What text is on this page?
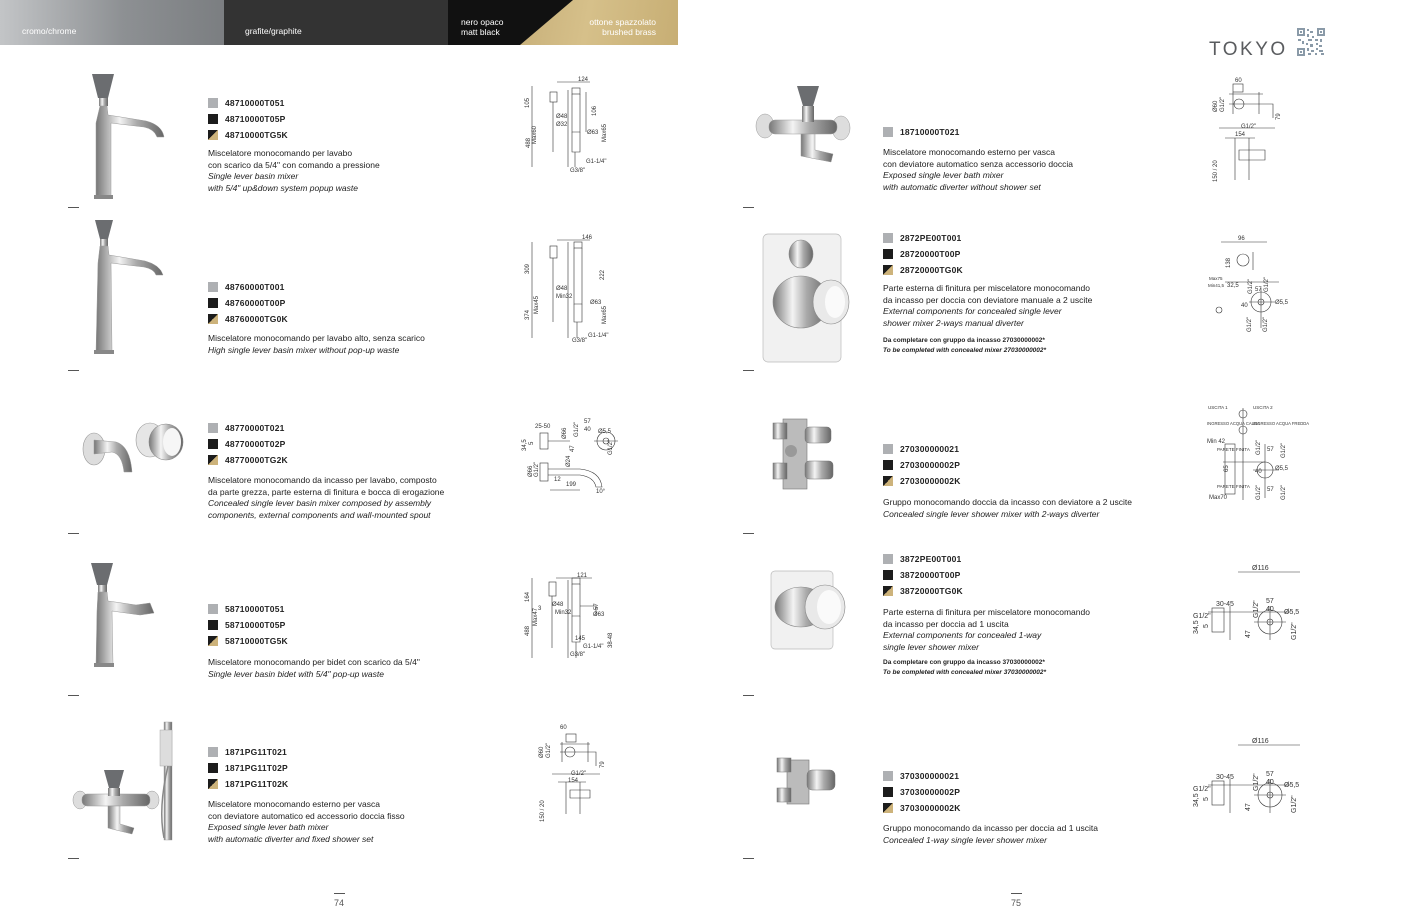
cromo/chrome	grafite/graphite
nero opaco
matt black
ottone spazzolato
brushed brass
TOKYO
48710000T051
48710000T05P
48710000TG5K
Miscelatore monocomando per lavabo
con scarico da 5/4" con comando a pressione
Single lever basin mixer
with 5/4" up&down system popup waste
124
105
Ø48
Ø32
106
Max60
488
Ø63 Max65
G1-1/4"
G3/8"
48760000T001
48760000T00P
48760000TG0K
Miscelatore monocomando per lavabo alto, senza scarico
High single lever basin mixer without pop-up waste
146
309
222
Ø48
Min32
Max45
374
Ø63
Max65
G3/8"
G1-1/4"
48770000T021
48770000T02P
48770000TG2K
Miscelatore monocomando da incasso per lavabo, composto
da parte grezza, parte esterna di finitura e bocca di erogazione
Concealed single lever basin mixer composed by assembly
components, external components and wall-mounted spout
25-50
57
40 Ø5,5
Ø66 G1/2"
34,5 5
47	G1/2"
Ø66 G1/2"
Ø24
12
199
10°
58710000T051
58710000T05P
58710000TG5K
Miscelatore monocomando per bidet con scarico da 5/4"
Single lever basin bidet with 5/4" pop-up waste
121
164
3
Ø48
Min32
Max47
57
Ø63
488
145
G1-1/4"
G3/8"
38-48
1871PG11T021
1871PG11T02P
1871PG11T02K
Miscelatore monocomando esterno per vasca
con deviatore automatico ed accessorio doccia fisso
Exposed single lever bath mixer
with automatic diverter and fixed shower set
60
Ø60 G1/2"
79
G1/2"
154
150 / 20
74
18710000T021
Miscelatore monocomando esterno per vasca
con deviatore automatico senza accessorio doccia
Exposed single lever bath mixer
with automatic diverter without shower set
60
Ø60 G1/2"
79
G1/2"
154
150 / 20
2872PE00T001
28720000T00P
28720000TG0K
Parte esterna di finitura per miscelatore monocomando
da incasso per doccia con deviatore manuale a 2 uscite
External components for concealed single lever
shower mixer 2-ways manual diverter
Da completare con gruppo da incasso 27030000002*
To be completed with concealed mixer 27030000002*
96
138
Max75
Min41,5 32,5 G1/2" G1/2"
57
40	Ø5,5
G1/2" G1/2"
270300000021
27030000002P
27030000002K
Gruppo monocomando doccia da incasso con deviatore a 2 uscite
Concealed single lever shower mixer with 2-ways diverter
USCITA 1	USCITA 2
INGRESSO ACQUA CALDA
INGRESSO ACQUA FREDDA
Min 42
PARETE FINITA
65
PARETE FINITA
Max70
G1/2" 57
40 Ø5,5
G1/2"
57
G1/2"	G1/2"
3872PE00T001
38720000T00P
38720000TG0K
Parte esterna di finitura per miscelatore monocomando
da incasso per doccia ad 1 uscita
External components for concealed 1-way
single lever shower mixer
Da completare con gruppo da incasso 37030000002*
To be completed with concealed mixer 37030000002*
Ø116
30-45	57
40 Ø5,5
G1/2"
34,5 5
47
G1/2"
G1/2"
370300000021
37030000002P
37030000002K
Gruppo monocomando da incasso per doccia ad 1 uscita
Concealed 1-way single lever shower mixer
Ø116
30-45	57
40 Ø5,5
G1/2"
34,5 5
47
G1/2"
G1/2"
75
